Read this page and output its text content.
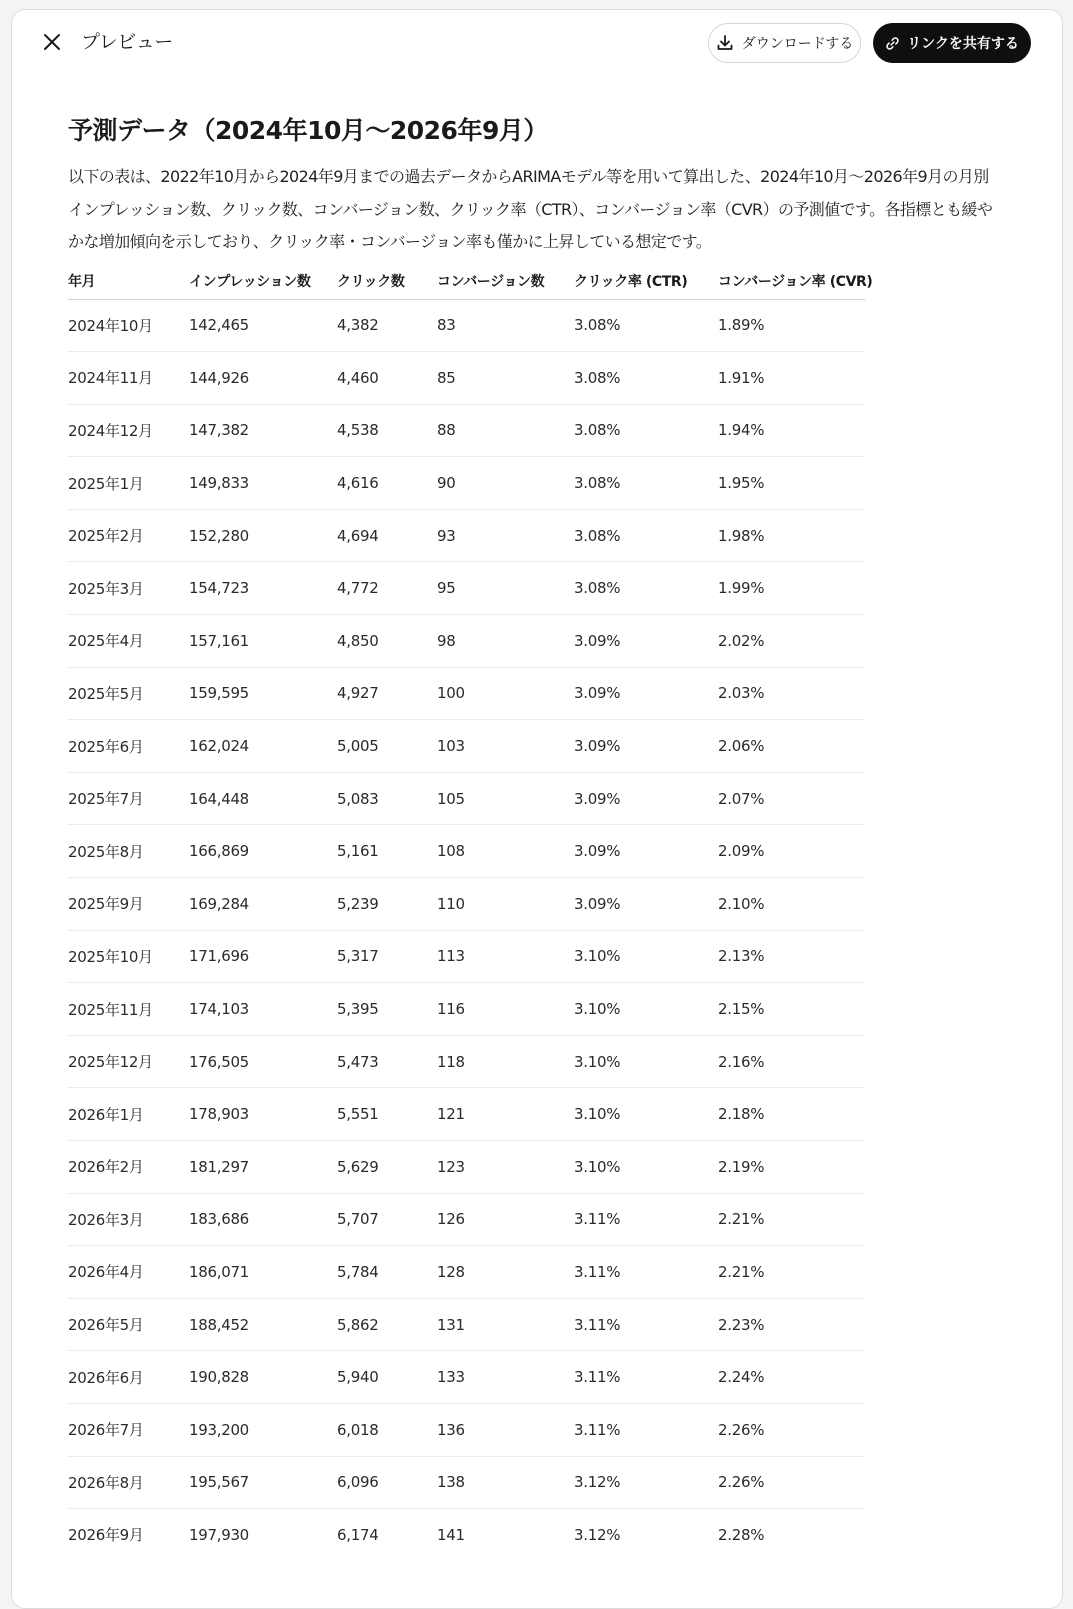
プレビュー	ダウンロードする	リンクを共有する
予測データ（2024年10月～2026年9月）

以下の表は、2022年10月から2024年9月までの過去データからARIMAモデル等を用いて算出した、2024年10月～2026年9月の月別インプレッション数、クリック数、コンバージョン数、クリック率（CTR）、コンバージョン率（CVR）の予測値です。各指標とも緩やかな増加傾向を示しており、クリック率・コンバージョン率も僅かに上昇している想定です。

年月	インプレッション数	クリック数	コンバージョン数	クリック率 (CTR)	コンバージョン率 (CVR)
2024年10月	142,465	4,382	83	3.08%	1.89%
2024年11月	144,926	4,460	85	3.08%	1.91%
2024年12月	147,382	4,538	88	3.08%	1.94%
2025年1月	149,833	4,616	90	3.08%	1.95%
2025年2月	152,280	4,694	93	3.08%	1.98%
2025年3月	154,723	4,772	95	3.08%	1.99%
2025年4月	157,161	4,850	98	3.09%	2.02%
2025年5月	159,595	4,927	100	3.09%	2.03%
2025年6月	162,024	5,005	103	3.09%	2.06%
2025年7月	164,448	5,083	105	3.09%	2.07%
2025年8月	166,869	5,161	108	3.09%	2.09%
2025年9月	169,284	5,239	110	3.09%	2.10%
2025年10月	171,696	5,317	113	3.10%	2.13%
2025年11月	174,103	5,395	116	3.10%	2.15%
2025年12月	176,505	5,473	118	3.10%	2.16%
2026年1月	178,903	5,551	121	3.10%	2.18%
2026年2月	181,297	5,629	123	3.10%	2.19%
2026年3月	183,686	5,707	126	3.11%	2.21%
2026年4月	186,071	5,784	128	3.11%	2.21%
2026年5月	188,452	5,862	131	3.11%	2.23%
2026年6月	190,828	5,940	133	3.11%	2.24%
2026年7月	193,200	6,018	136	3.11%	2.26%
2026年8月	195,567	6,096	138	3.12%	2.26%
2026年9月	197,930	6,174	141	3.12%	2.28%
